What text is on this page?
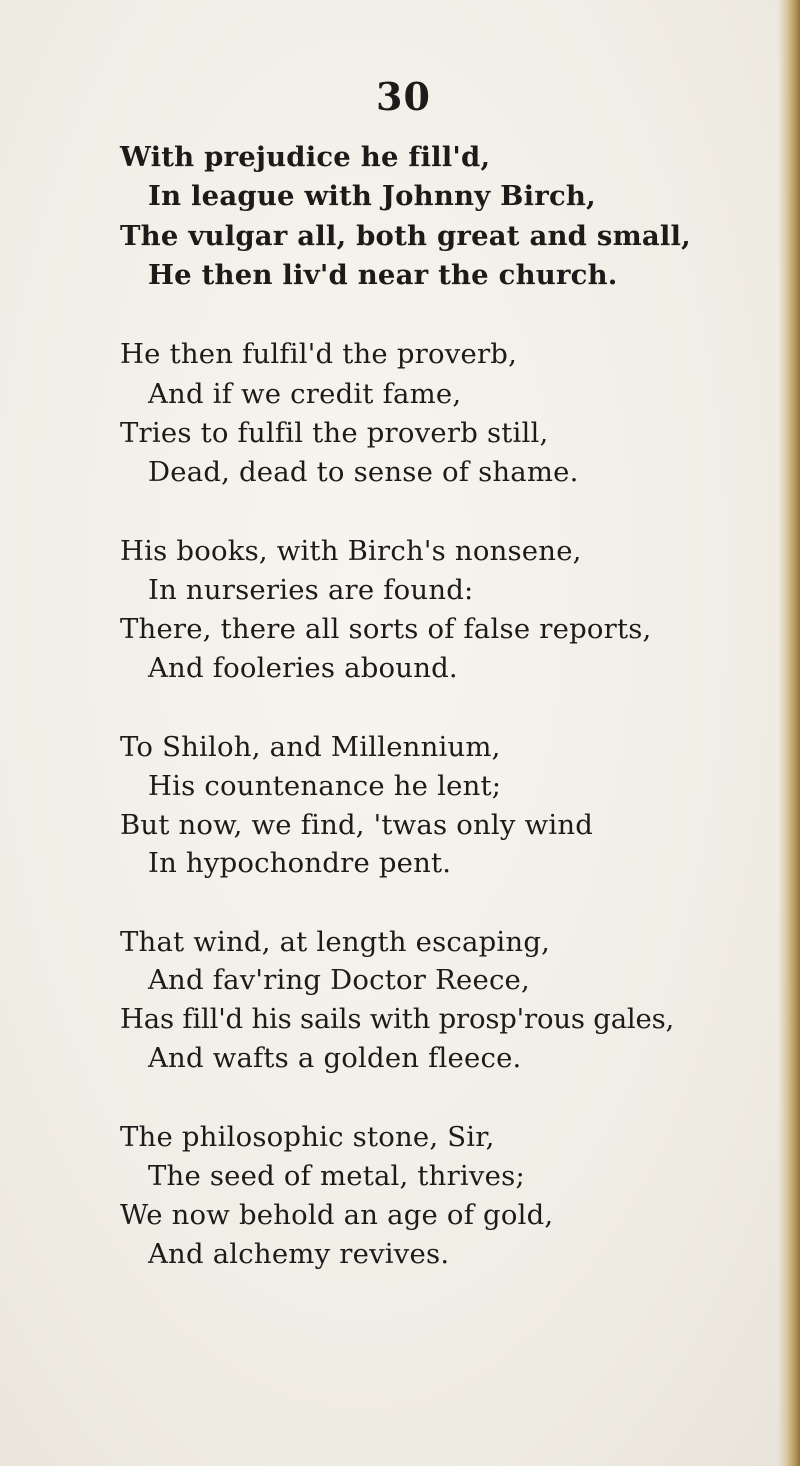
30
With prejudice he fill'd,
In league with Johnny Birch,
The vulgar all, both great and small,
He then liv'd near the church.
He then fulfil'd the proverb,
And if we credit fame,
Tries to fulfil the proverb still,
Dead, dead to sense of shame.
His books, with Birch's nonsene,
In nurseries are found:
There, there all sorts of false reports,
And fooleries abound.
To Shiloh, and Millennium,
His countenance he lent;
But now, we find, 'twas only wind
In hypochondre pent.
That wind, at length escaping,
And fav'ring Doctor Reece,
Has fill'd his sails with prosp'rous gales,
And wafts a golden fleece.
The philosophic stone, Sir,
The seed of metal, thrives;
We now behold an age of gold,
And alchemy revives.
